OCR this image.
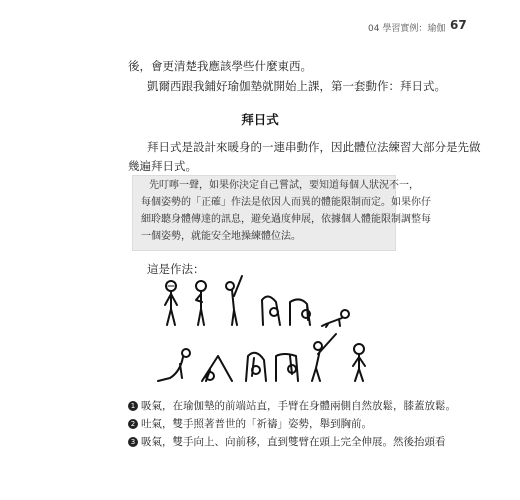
04 學習實例：瑜伽 67
後，會更清楚我應該學些什麼東西。
凱爾西跟我鋪好瑜伽墊就開始上課，第一套動作：拜日式。
拜日式
拜日式是設計來暖身的一連串動作，因此體位法練習大部分是先做
幾遍拜日式。
先叮嚀一聲，如果你決定自己嘗試，要知道每個人狀況不一，
每個姿勢的「正確」作法是依因人而異的體能限制而定。如果你仔
細聆聽身體傳達的訊息，避免過度伸展，依據個人體能限制調整每
一個姿勢，就能安全地操練體位法。
這是作法：
1 吸氣，在瑜伽墊的前端站直，手臂在身體兩側自然放鬆，膝蓋放鬆。
2 吐氣，雙手照著普世的「祈禱」姿勢，舉到胸前。
3 吸氣，雙手向上、向前移，直到雙臂在頭上完全伸展。然後抬頭看
